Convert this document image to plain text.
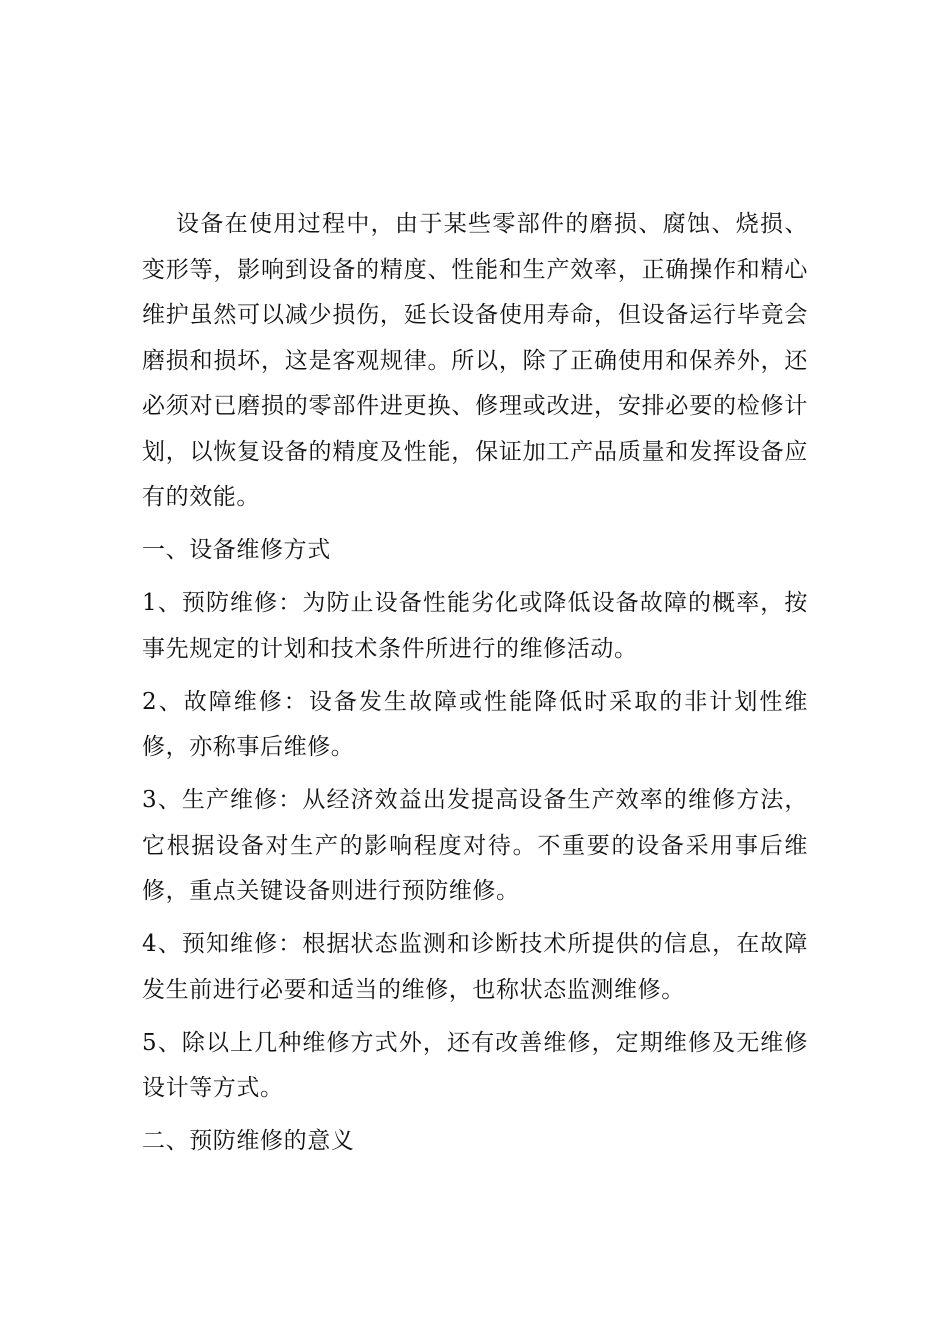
设备在使用过程中，由于某些零部件的磨损、腐蚀、烧损、变形等，影响到设备的精度、性能和生产效率，正确操作和精心维护虽然可以减少损伤，延长设备使用寿命，但设备运行毕竟会磨损和损坏，这是客观规律。所以，除了正确使用和保养外，还必须对已磨损的零部件进更换、修理或改进，安排必要的检修计划，以恢复设备的精度及性能，保证加工产品质量和发挥设备应有的效能。

一、设备维修方式

1、预防维修：为防止设备性能劣化或降低设备故障的概率，按事先规定的计划和技术条件所进行的维修活动。

2、故障维修：设备发生故障或性能降低时采取的非计划性维修，亦称事后维修。

3、生产维修：从经济效益出发提高设备生产效率的维修方法，它根据设备对生产的影响程度对待。不重要的设备采用事后维修，重点关键设备则进行预防维修。

4、预知维修：根据状态监测和诊断技术所提供的信息，在故障发生前进行必要和适当的维修，也称状态监测维修。

5、除以上几种维修方式外，还有改善维修，定期维修及无维修设计等方式。

二、预防维修的意义
